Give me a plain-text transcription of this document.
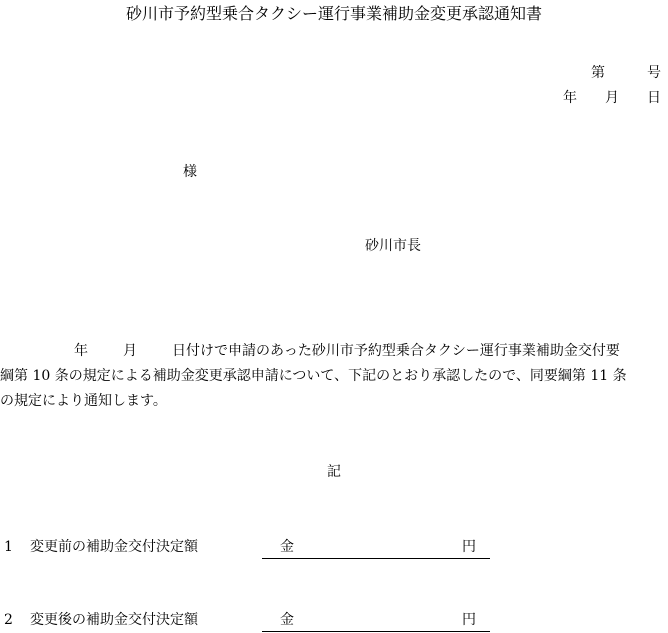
砂川市予約型乗合タクシー運行事業補助金変更承認通知書
第	号
年 月 日
様
砂川市長
年	月	日付けで申請のあった砂川市予約型乗合タクシー運行事業補助金交付要
綱第 10 条の規定による補助金変更承認申請について、下記のとおり承認したので、同要綱第 11 条
の規定により通知します。
記
1 変更前の補助金交付決定額	金	円
2 変更後の補助金交付決定額	金	円
